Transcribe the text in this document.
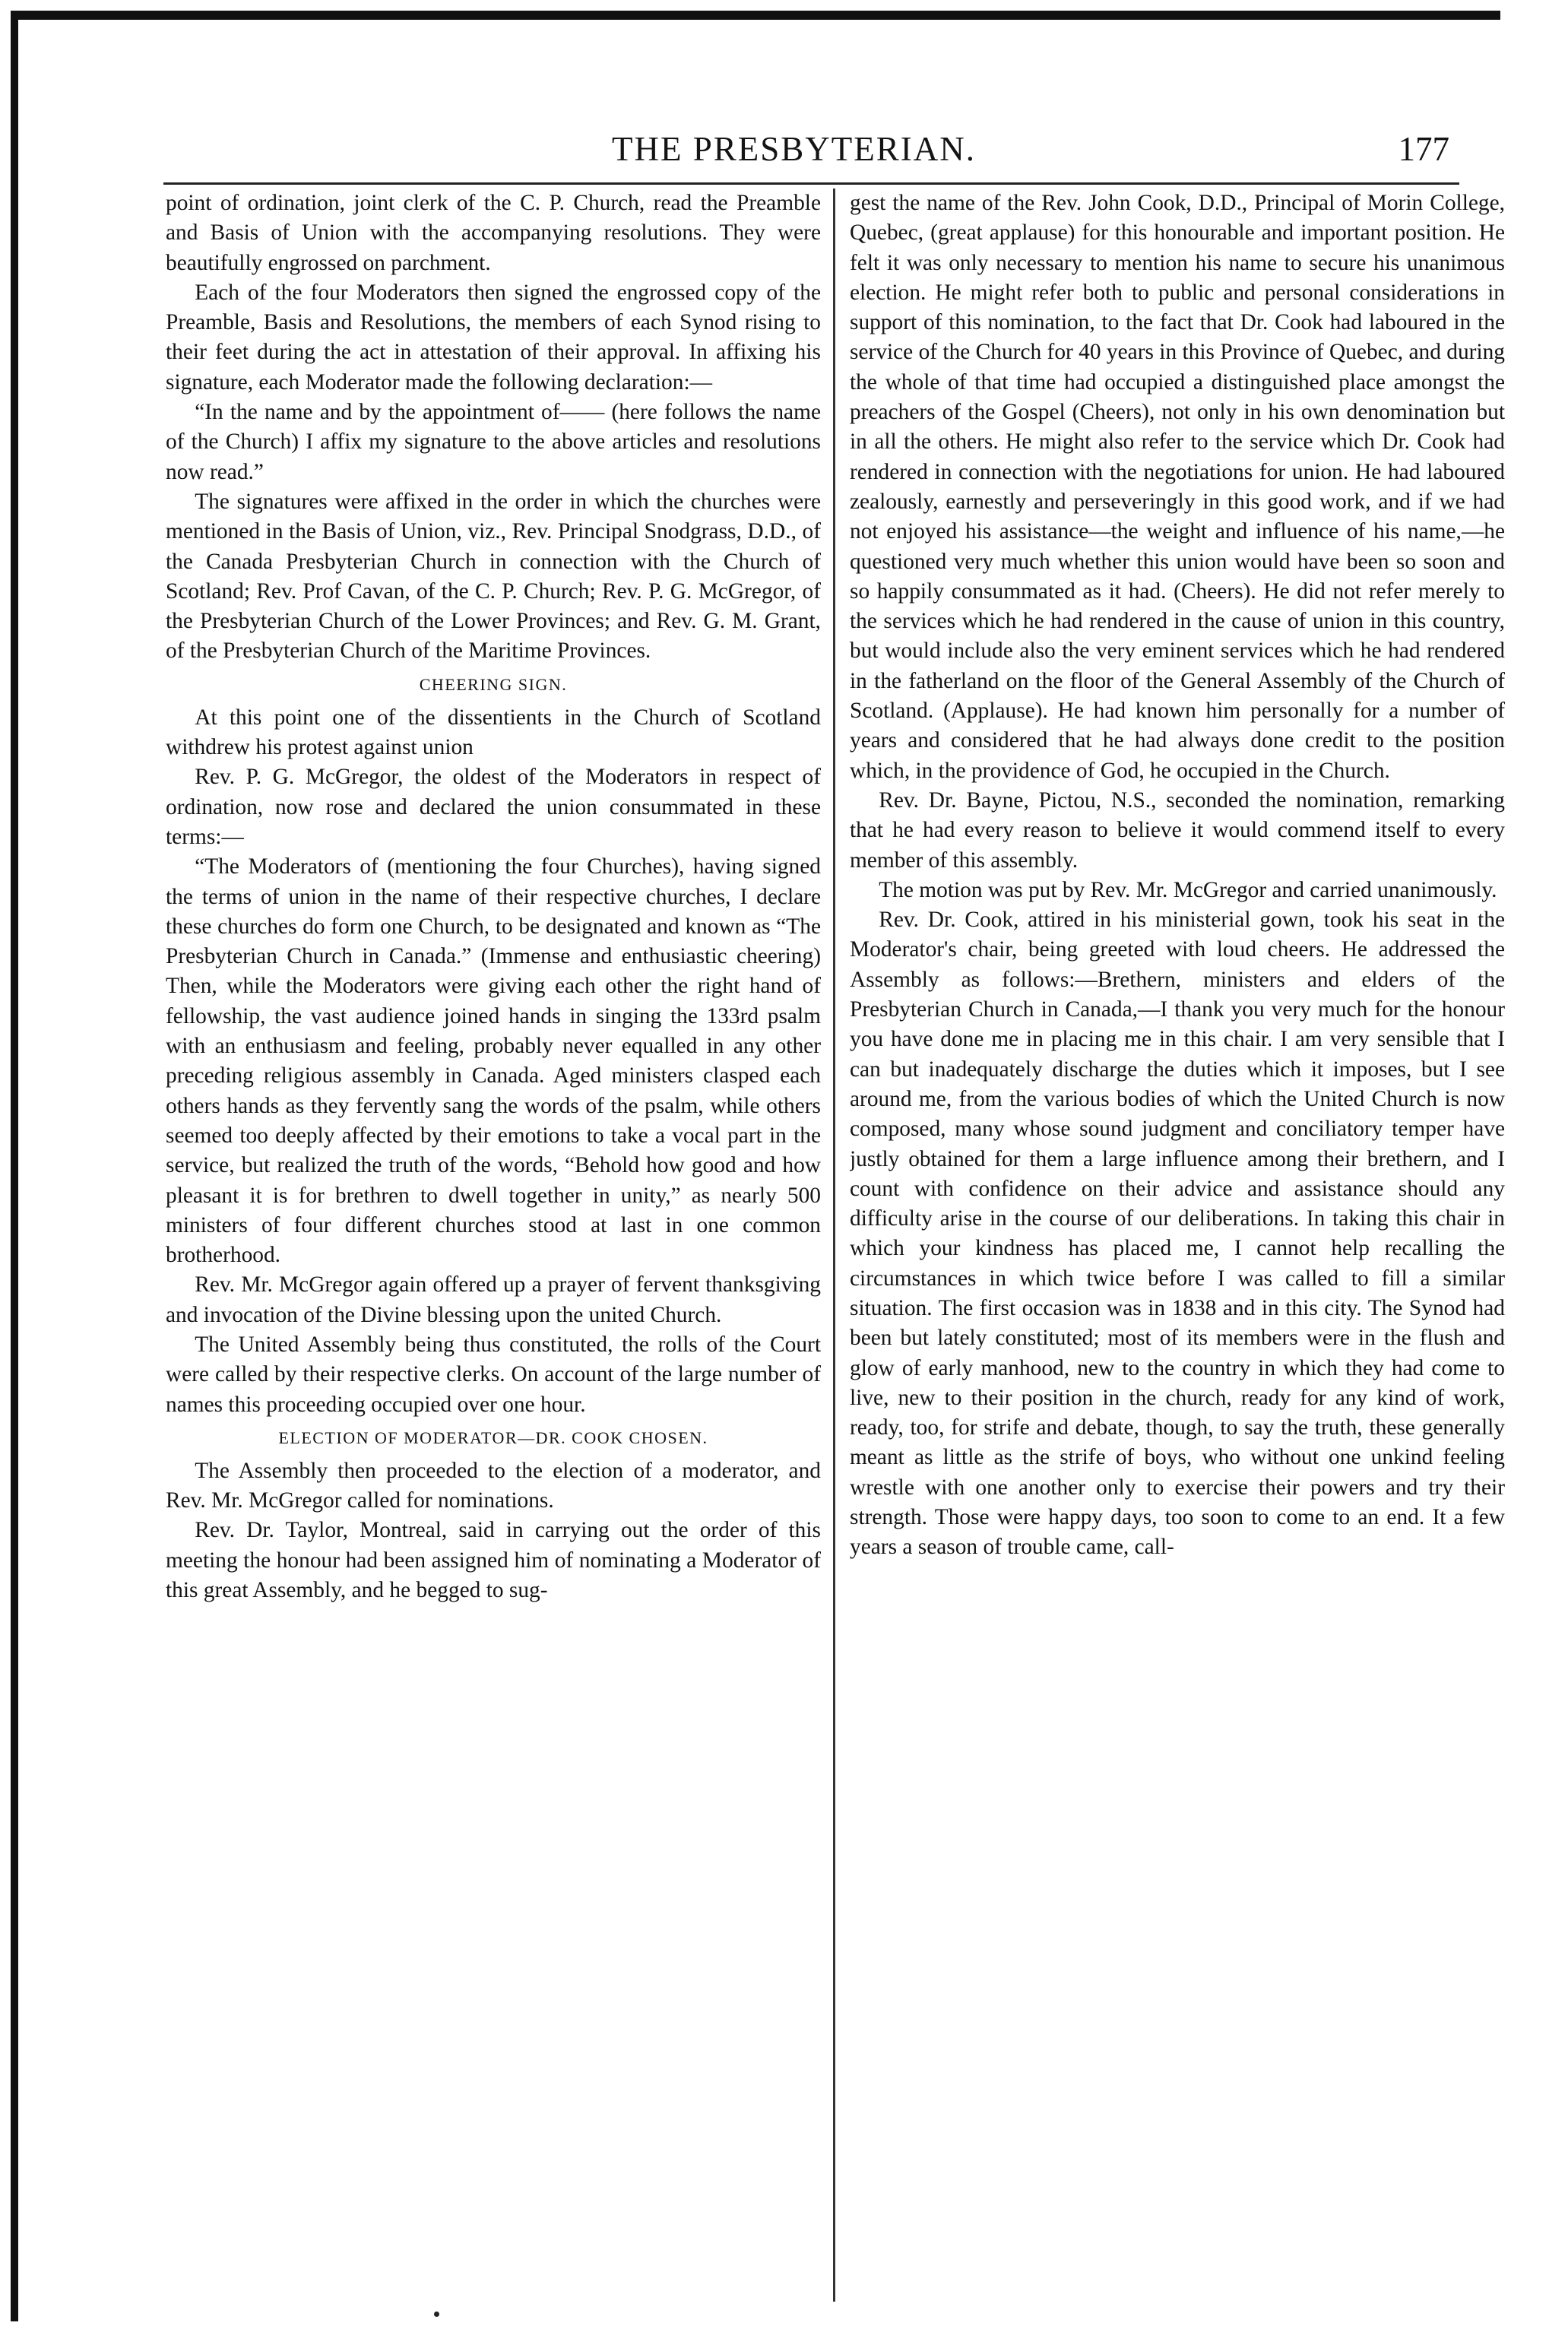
THE PRESBYTERIAN.	177

point of ordination, joint clerk of the C. P. Church, read the Preamble and Basis of Union with the accompanying resolutions. They were beautifully engrossed on parchment.

Each of the four Moderators then signed the engrossed copy of the Preamble, Basis and Resolutions, the members of each Synod rising to their feet during the act in attestation of their approval. In affixing his signature, each Moderator made the following declaration:—

“In the name and by the appointment of—— (here follows the name of the Church) I affix my signature to the above articles and resolutions now read.”

The signatures were affixed in the order in which the churches were mentioned in the Basis of Union, viz., Rev. Principal Snodgrass, D.D., of the Canada Presbyterian Church in connection with the Church of Scotland; Rev. Prof Cavan, of the C. P. Church; Rev. P. G. McGregor, of the Presbyterian Church of the Lower Provinces; and Rev. G. M. Grant, of the Presbyterian Church of the Maritime Provinces.

CHEERING SIGN.

At this point one of the dissentients in the Church of Scotland withdrew his protest against union

Rev. P. G. McGregor, the oldest of the Moderators in respect of ordination, now rose and declared the union consummated in these terms:—

“The Moderators of (mentioning the four Churches), having signed the terms of union in the name of their respective churches, I declare these churches do form one Church, to be designated and known as “The Presbyterian Church in Canada.” (Immense and enthusiastic cheering) Then, while the Moderators were giving each other the right hand of fellowship, the vast audience joined hands in singing the 133rd psalm with an enthusiasm and feeling, probably never equalled in any other preceding religious assembly in Canada. Aged ministers clasped each others hands as they fervently sang the words of the psalm, while others seemed too deeply affected by their emotions to take a vocal part in the service, but realized the truth of the words, “Behold how good and how pleasant it is for brethren to dwell together in unity,” as nearly 500 ministers of four different churches stood at last in one common brotherhood.

Rev. Mr. McGregor again offered up a prayer of fervent thanksgiving and invocation of the Divine blessing upon the united Church.

The United Assembly being thus constituted, the rolls of the Court were called by their respective clerks. On account of the large number of names this proceeding occupied over one hour.

ELECTION OF MODERATOR—DR. COOK CHOSEN.

The Assembly then proceeded to the election of a moderator, and Rev. Mr. McGregor called for nominations.

Rev. Dr. Taylor, Montreal, said in carrying out the order of this meeting the honour had been assigned him of nominating a Moderator of this great Assembly, and he begged to sug-

gest the name of the Rev. John Cook, D.D., Principal of Morin College, Quebec, (great applause) for this honourable and important position. He felt it was only necessary to mention his name to secure his unanimous election. He might refer both to public and personal considerations in support of this nomination, to the fact that Dr. Cook had laboured in the service of the Church for 40 years in this Province of Quebec, and during the whole of that time had occupied a distinguished place amongst the preachers of the Gospel (Cheers), not only in his own denomination but in all the others. He might also refer to the service which Dr. Cook had rendered in connection with the negotiations for union. He had laboured zealously, earnestly and perseveringly in this good work, and if we had not enjoyed his assistance—the weight and influence of his name,—he questioned very much whether this union would have been so soon and so happily consummated as it had. (Cheers). He did not refer merely to the services which he had rendered in the cause of union in this country, but would include also the very eminent services which he had rendered in the fatherland on the floor of the General Assembly of the Church of Scotland. (Applause). He had known him personally for a number of years and considered that he had always done credit to the position which, in the providence of God, he occupied in the Church.

Rev. Dr. Bayne, Pictou, N.S., seconded the nomination, remarking that he had every reason to believe it would commend itself to every member of this assembly.

The motion was put by Rev. Mr. McGregor and carried unanimously.

Rev. Dr. Cook, attired in his ministerial gown, took his seat in the Moderator's chair, being greeted with loud cheers. He addressed the Assembly as follows:—Brethern, ministers and elders of the Presbyterian Church in Canada,—I thank you very much for the honour you have done me in placing me in this chair. I am very sensible that I can but inadequately discharge the duties which it imposes, but I see around me, from the various bodies of which the United Church is now composed, many whose sound judgment and conciliatory temper have justly obtained for them a large influence among their brethern, and I count with confidence on their advice and assistance should any difficulty arise in the course of our deliberations. In taking this chair in which your kindness has placed me, I cannot help recalling the circumstances in which twice before I was called to fill a similar situation. The first occasion was in 1838 and in this city. The Synod had been but lately constituted; most of its members were in the flush and glow of early manhood, new to the country in which they had come to live, new to their position in the church, ready for any kind of work, ready, too, for strife and debate, though, to say the truth, these generally meant as little as the strife of boys, who without one unkind feeling wrestle with one another only to exercise their powers and try their strength. Those were happy days, too soon to come to an end. It a few years a season of trouble came, call-
